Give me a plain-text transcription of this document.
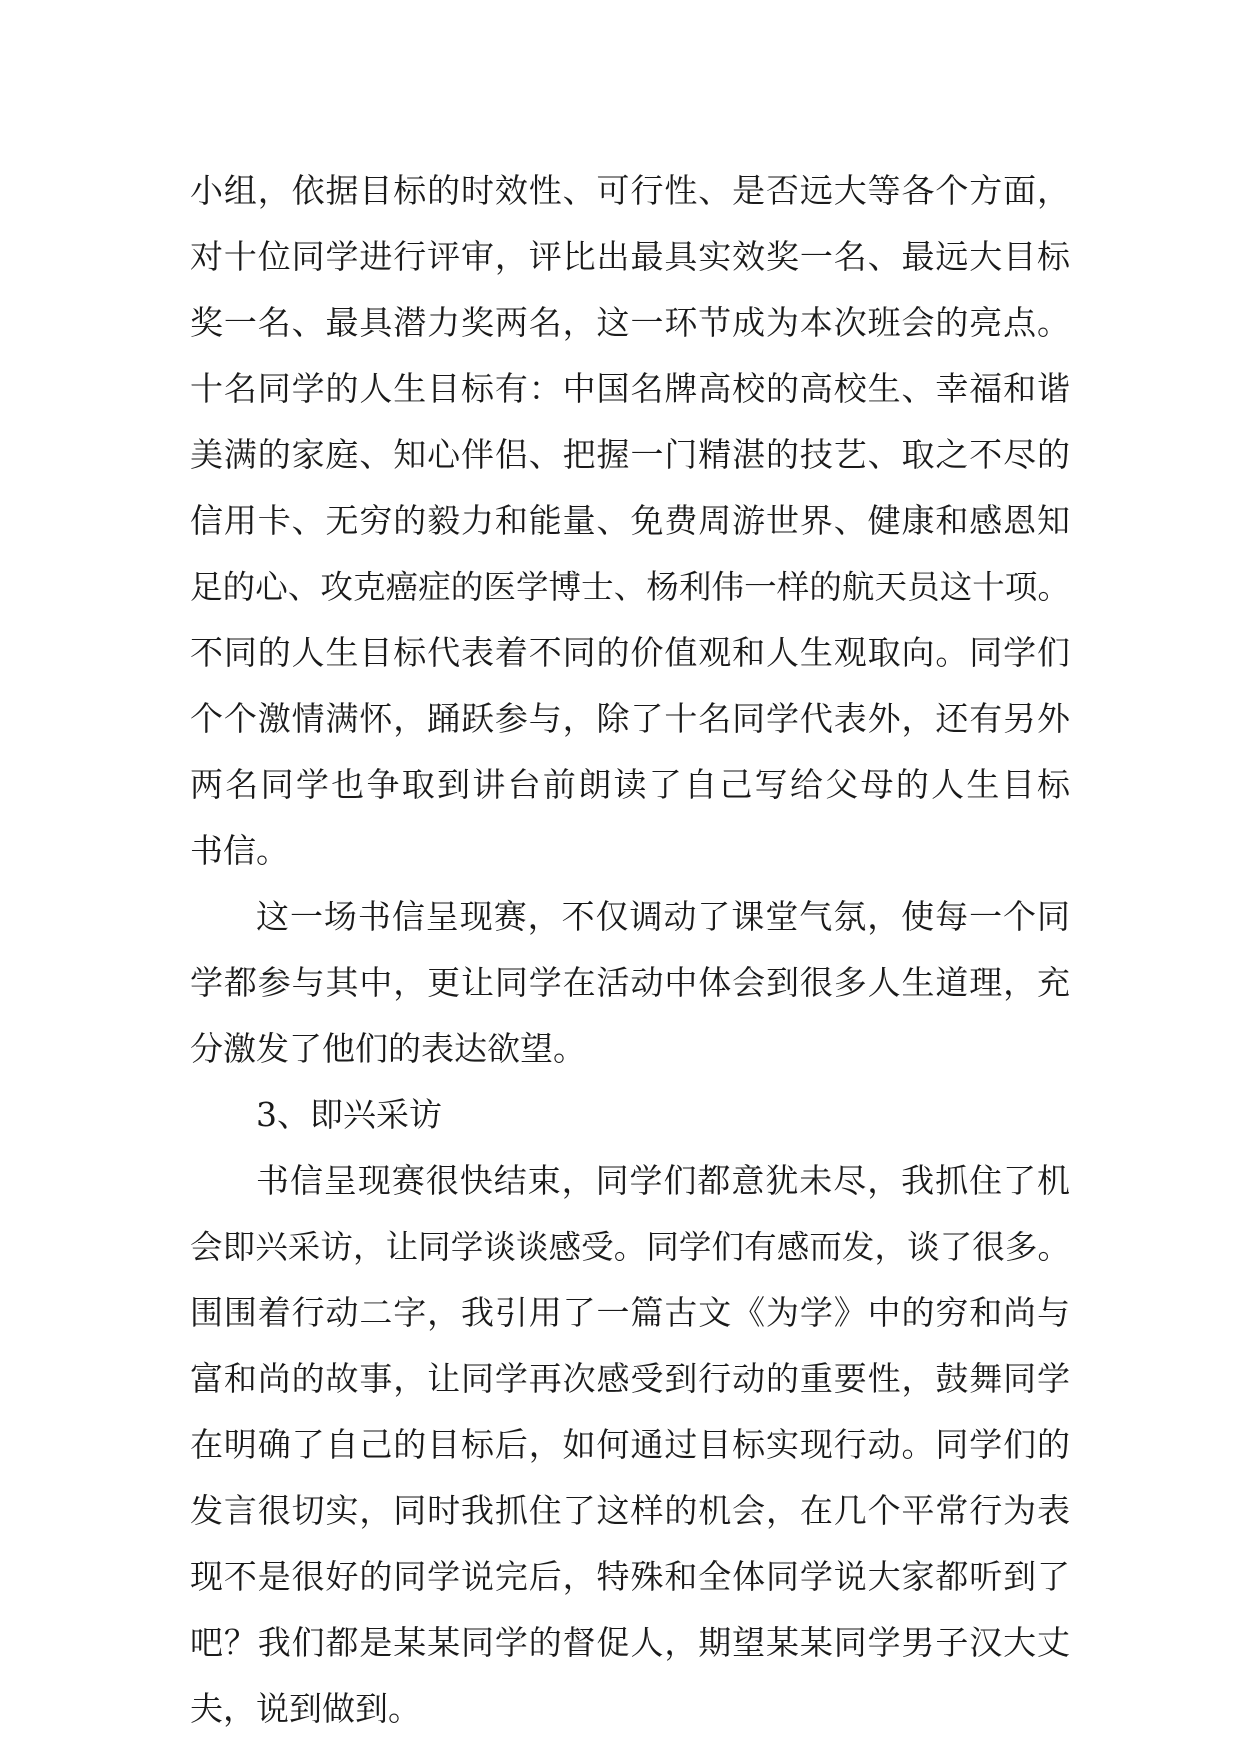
小组，依据目标的时效性、可行性、是否远大等各个方面，
对十位同学进行评审，评比出最具实效奖一名、最远大目标
奖一名、最具潜力奖两名，这一环节成为本次班会的亮点。
十名同学的人生目标有：中国名牌高校的高校生、幸福和谐
美满的家庭、知心伴侣、把握一门精湛的技艺、取之不尽的
信用卡、无穷的毅力和能量、免费周游世界、健康和感恩知
足的心、攻克癌症的医学博士、杨利伟一样的航天员这十项。
不同的人生目标代表着不同的价值观和人生观取向。同学们
个个激情满怀，踊跃参与，除了十名同学代表外，还有另外
两名同学也争取到讲台前朗读了自己写给父母的人生目标
书信。
这一场书信呈现赛，不仅调动了课堂气氛，使每一个同
学都参与其中，更让同学在活动中体会到很多人生道理，充
分激发了他们的表达欲望。
3、即兴采访
书信呈现赛很快结束，同学们都意犹未尽，我抓住了机
会即兴采访，让同学谈谈感受。同学们有感而发，谈了很多。
围围着行动二字，我引用了一篇古文《为学》中的穷和尚与
富和尚的故事，让同学再次感受到行动的重要性，鼓舞同学
在明确了自己的目标后，如何通过目标实现行动。同学们的
发言很切实，同时我抓住了这样的机会，在几个平常行为表
现不是很好的同学说完后，特殊和全体同学说大家都听到了
吧？我们都是某某同学的督促人，期望某某同学男子汉大丈
夫，说到做到。
